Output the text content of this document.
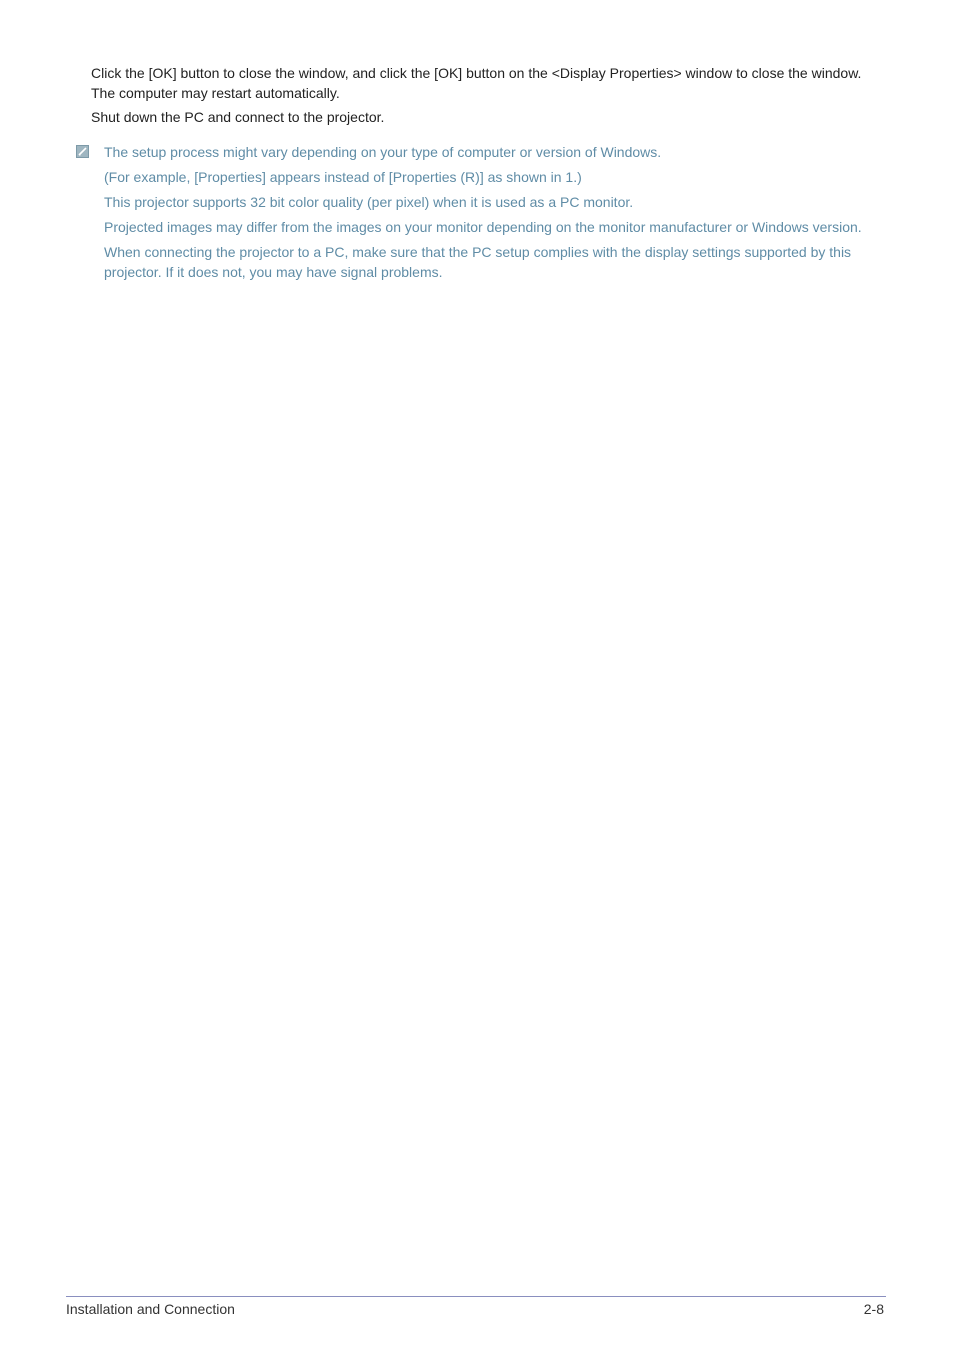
Click the [OK] button to close the window, and click the [OK] button on the <Display Properties> window to close the window.
The computer may restart automatically.

Shut down the PC and connect to the projector.

The setup process might vary depending on your type of computer or version of Windows.

(For example, [Properties] appears instead of [Properties (R)] as shown in 1.)

This projector supports 32 bit color quality (per pixel) when it is used as a PC monitor.

Projected images may differ from the images on your monitor depending on the monitor manufacturer or Windows version.

When connecting the projector to a PC, make sure that the PC setup complies with the display settings supported by this projector. If it does not, you may have signal problems.

Installation and Connection	2-8
